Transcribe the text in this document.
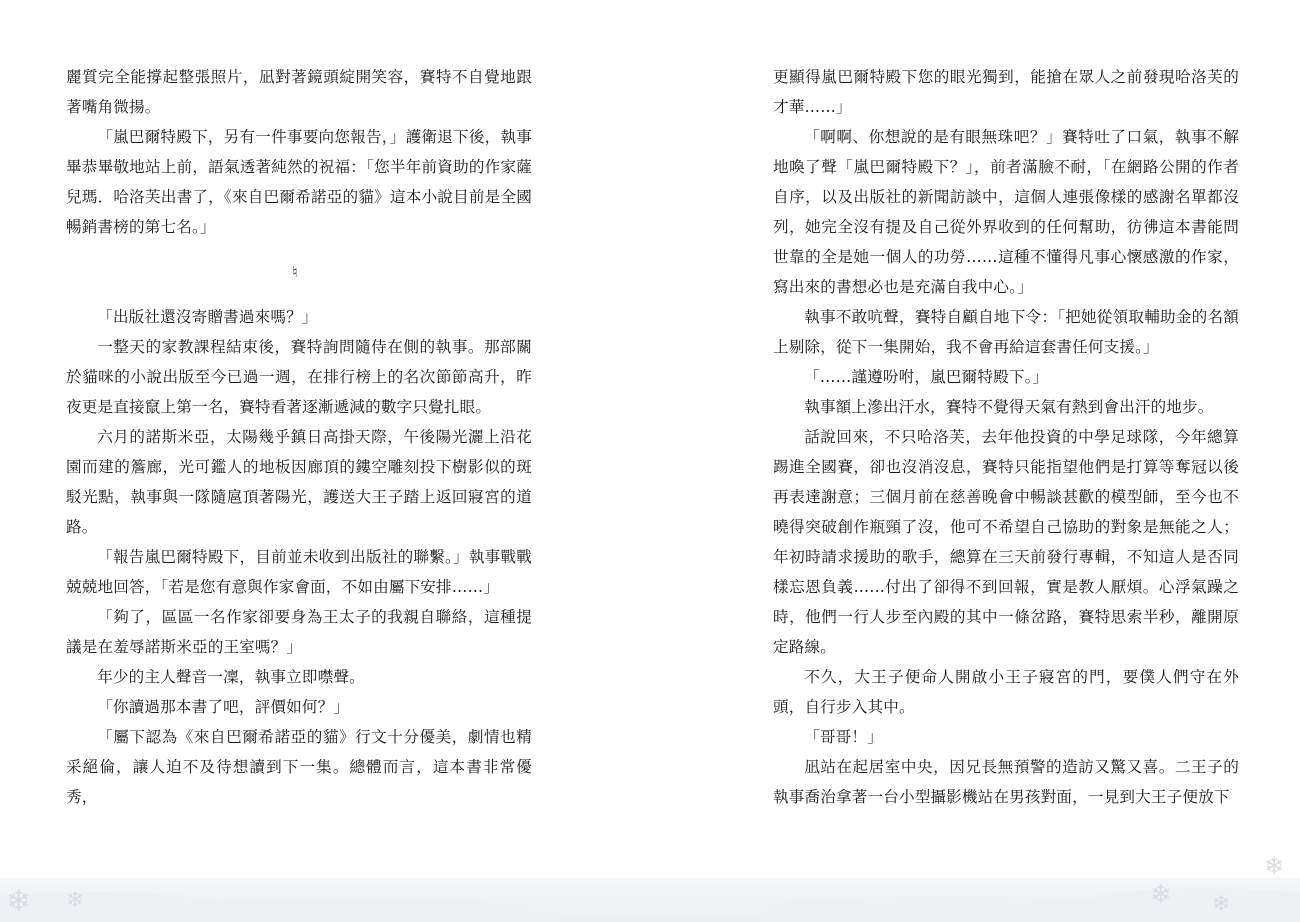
麗質完全能撐起整張照片，凪對著鏡頭綻開笑容，賽特不自覺地跟著嘴角微揚。

「嵐巴爾特殿下，另有一件事要向您報告，」護衛退下後，執事畢恭畢敬地站上前，語氣透著純然的祝福：「您半年前資助的作家薩兒瑪．哈洛芙出書了，《來自巴爾希諾亞的貓》這本小說目前是全國暢銷書榜的第七名。」

♮

「出版社還沒寄贈書過來嗎？」

一整天的家教課程結束後，賽特詢問隨侍在側的執事。那部關於貓咪的小說出版至今已過一週，在排行榜上的名次節節高升，昨夜更是直接竄上第一名，賽特看著逐漸遞減的數字只覺扎眼。

六月的諾斯米亞，太陽幾乎鎮日高掛天際，午後陽光灑上沿花園而建的簷廊，光可鑑人的地板因廊頂的鏤空雕刻投下樹影似的斑駁光點，執事與一隊隨扈頂著陽光，護送大王子踏上返回寢宮的道路。

「報告嵐巴爾特殿下，目前並未收到出版社的聯繫。」執事戰戰兢兢地回答，「若是您有意與作家會面，不如由屬下安排……」

「夠了，區區一名作家卻要身為王太子的我親自聯絡，這種提議是在羞辱諾斯米亞的王室嗎？」

年少的主人聲音一凜，執事立即噤聲。

「你讀過那本書了吧，評價如何？」

「屬下認為《來自巴爾希諾亞的貓》行文十分優美，劇情也精采絕倫，讓人迫不及待想讀到下一集。總體而言，這本書非常優秀，

更顯得嵐巴爾特殿下您的眼光獨到，能搶在眾人之前發現哈洛芙的才華……」

「啊啊、你想說的是有眼無珠吧？」賽特吐了口氣，執事不解地喚了聲「嵐巴爾特殿下？」，前者滿臉不耐，「在網路公開的作者自序，以及出版社的新聞訪談中，這個人連張像樣的感謝名單都沒列，她完全沒有提及自己從外界收到的任何幫助，彷彿這本書能問世靠的全是她一個人的功勞……這種不懂得凡事心懷感激的作家，寫出來的書想必也是充滿自我中心。」

執事不敢吭聲，賽特自顧自地下令：「把她從領取輔助金的名額上剔除，從下一集開始，我不會再給這套書任何支援。」

「……謹遵吩咐，嵐巴爾特殿下。」

執事額上滲出汗水，賽特不覺得天氣有熱到會出汗的地步。

話說回來，不只哈洛芙，去年他投資的中學足球隊，今年總算踢進全國賽，卻也沒消沒息，賽特只能指望他們是打算等奪冠以後再表達謝意；三個月前在慈善晚會中暢談甚歡的模型師，至今也不曉得突破創作瓶頸了沒，他可不希望自己協助的對象是無能之人；年初時請求援助的歌手，總算在三天前發行專輯，不知這人是否同樣忘恩負義……付出了卻得不到回報，實是教人厭煩。心浮氣躁之時，他們一行人步至內殿的其中一條岔路，賽特思索半秒，離開原定路線。

不久，大王子便命人開啟小王子寢宮的門，要僕人們守在外頭，自行步入其中。

「哥哥！」

凪站在起居室中央，因兄長無預警的造訪又驚又喜。二王子的執事喬治拿著一台小型攝影機站在男孩對面，一見到大王子便放下

❄ ❄	❄
❄
❄
